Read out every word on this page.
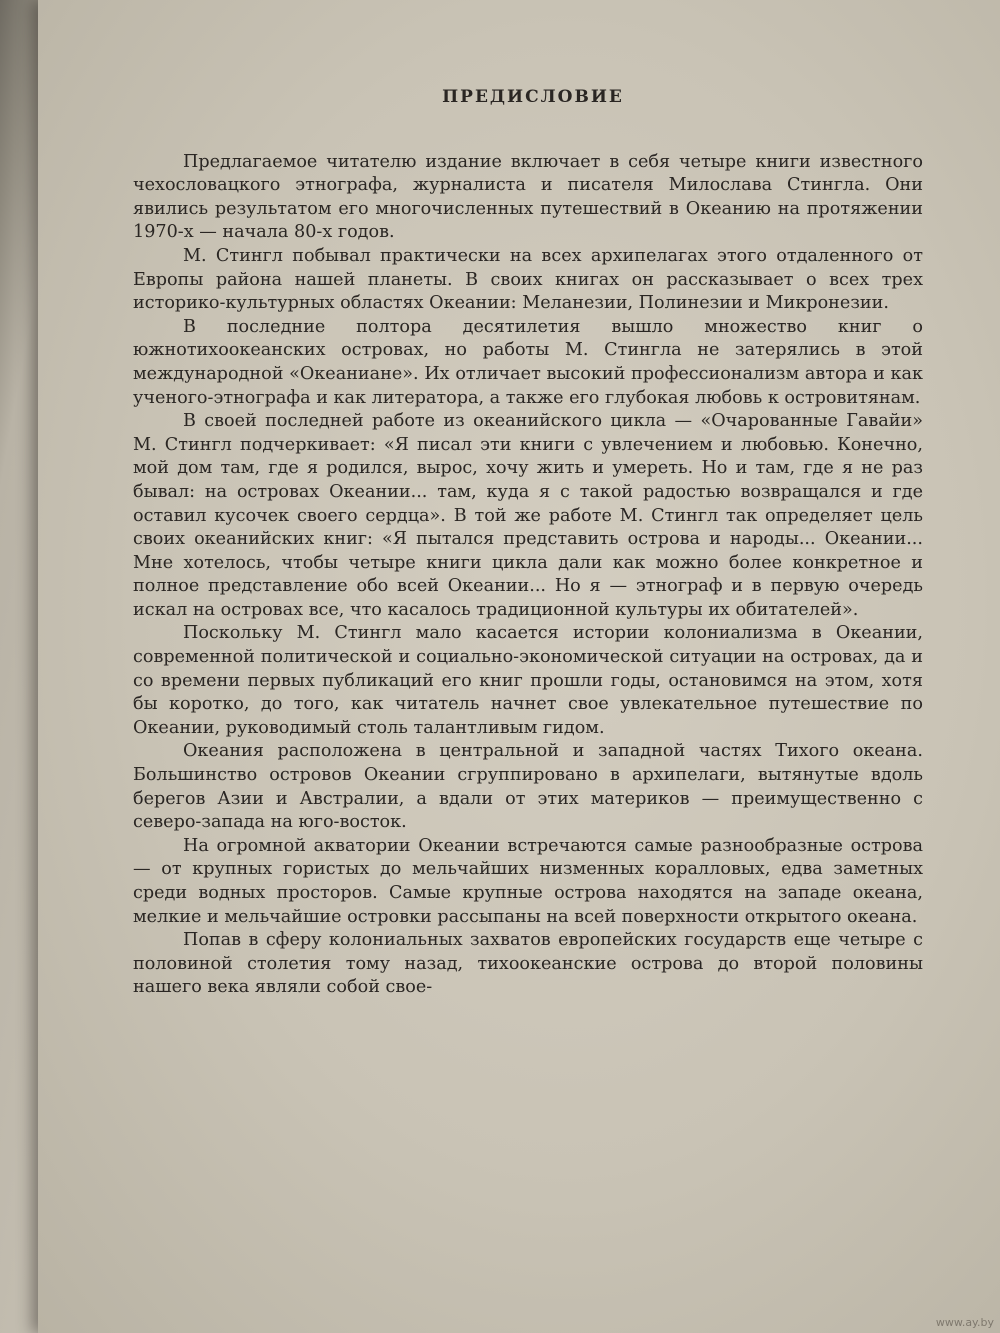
ПРЕДИСЛОВИЕ

Предлагаемое читателю издание включает в себя четыре книги известного чехословацкого этнографа, журналиста и писателя Милослава Стингла. Они явились результатом его многочисленных путешествий в Океанию на протяжении 1970-х — начала 80-х годов.

М. Стингл побывал практически на всех архипелагах этого отдаленного от Европы района нашей планеты. В своих книгах он рассказывает о всех трех историко-культурных областях Океании: Меланезии, Полинезии и Микронезии.

В последние полтора десятилетия вышло множество книг о южнотихоокеанских островах, но работы М. Стингла не затерялись в этой международной «Океаниане». Их отличает высокий профессионализм автора и как ученого-этнографа и как литератора, а также его глубокая любовь к островитянам.

В своей последней работе из океанийского цикла — «Очарованные Гавайи» М. Стингл подчеркивает: «Я писал эти книги с увлечением и любовью. Конечно, мой дом там, где я родился, вырос, хочу жить и умереть. Но и там, где я не раз бывал: на островах Океании... там, куда я с такой радостью возвращался и где оставил кусочек своего сердца». В той же работе М. Стингл так определяет цель своих океанийских книг: «Я пытался представить острова и народы... Океании... Мне хотелось, чтобы четыре книги цикла дали как можно более конкретное и полное представление обо всей Океании... Но я — этнограф и в первую очередь искал на островах все, что касалось традиционной культуры их обитателей».

Поскольку М. Стингл мало касается истории колониализма в Океании, современной политической и социально-экономической ситуации на островах, да и со времени первых публикаций его книг прошли годы, остановимся на этом, хотя бы коротко, до того, как читатель начнет свое увлекательное путешествие по Океании, руководимый столь талантливым гидом.

Океания расположена в центральной и западной частях Тихого океана. Большинство островов Океании сгруппировано в архипелаги, вытянутые вдоль берегов Азии и Австралии, а вдали от этих материков — преимущественно с северо-запада на юго-восток.

На огромной акватории Океании встречаются самые разнообразные острова — от крупных гористых до мельчайших низменных коралловых, едва заметных среди водных просторов. Самые крупные острова находятся на западе океана, мелкие и мельчайшие островки рассыпаны на всей поверхности открытого океана.

Попав в сферу колониальных захватов европейских государств еще четыре с половиной столетия тому назад, тихоокеанские острова до второй половины нашего века являли собой свое-

www.ay.by
